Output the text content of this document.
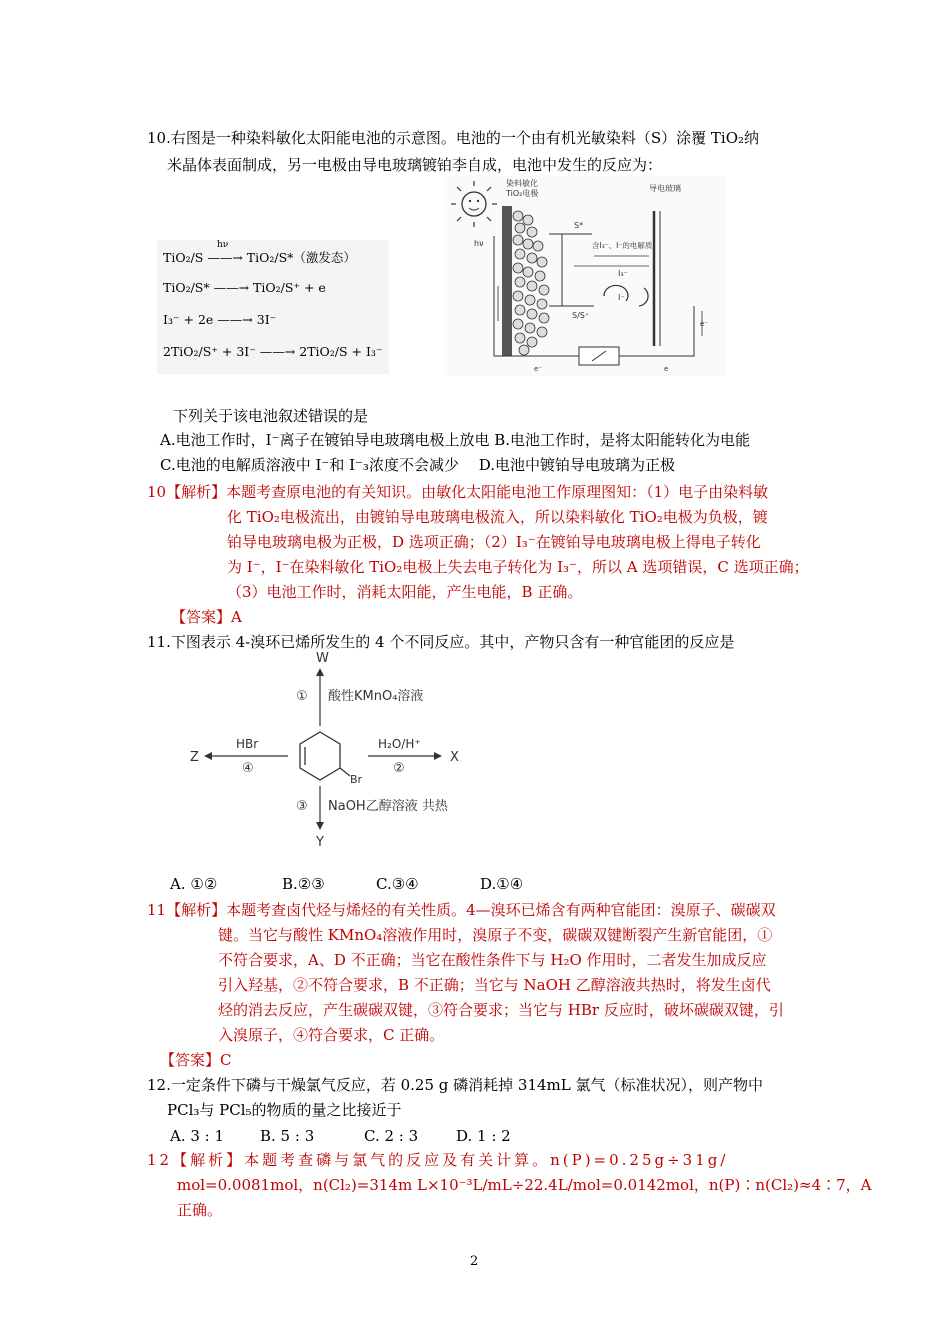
10.右图是一种染料敏化太阳能电池的示意图。电池的一个由有机光敏染料（S）涂覆 TiO₂纳
米晶体表面制成，另一电极由导电玻璃镀铂李自成，电池中发生的反应为：
TiO₂/S ——→ TiO₂/S*（激发态）
hν
TiO₂/S* ——→ TiO₂/S⁺ + e
I₃⁻ + 2e ——→ 3I⁻
2TiO₂/S⁺ + 3I⁻ ——→ 2TiO₂/S + I₃⁻
hν
染料敏化
TiO₂电极
导电玻璃
S*
S/S⁺
含I₃⁻、I⁻的电解质
I₃⁻
I⁻
e⁻	e
e⁻
下列关于该电池叙述错误的是
A.电池工作时，I⁻离子在镀铂导电玻璃电极上放电 B.电池工作时，是将太阳能转化为电能
C.电池的电解质溶液中 I⁻和 I⁻₃浓度不会减少　 D.电池中镀铂导电玻璃为正极
10【解析】本题考查原电池的有关知识。由敏化太阳能电池工作原理图知：（1）电子由染料敏
化 TiO₂电极流出，由镀铂导电玻璃电极流入，所以染料敏化 TiO₂电极为负极，镀
铂导电玻璃电极为正极，D 选项正确；（2）I₃⁻在镀铂导电玻璃电极上得电子转化
为 I⁻，I⁻在染料敏化 TiO₂电极上失去电子转化为 I₃⁻，所以 A 选项错误，C 选项正确；
（3）电池工作时，消耗太阳能，产生电能，B 正确。
【答案】A
11.下图表示 4-溴环已烯所发生的 4 个不同反应。其中，产物只含有一种官能团的反应是
W
① 酸性KMnO₄溶液
Br
H₂O/H⁺
②
X
HBr
④
Z
③ NaOH乙醇溶液 共热
Y
A. ①②	B.②③	C.③④	D.①④
11【解析】本题考查卤代烃与烯烃的有关性质。4—溴环已烯含有两种官能团：溴原子、碳碳双
键。当它与酸性 KMnO₄溶液作用时，溴原子不变，碳碳双键断裂产生新官能团，①
不符合要求，A、D 不正确；当它在酸性条件下与 H₂O 作用时，二者发生加成反应
引入羟基，②不符合要求，B 不正确；当它与 NaOH 乙醇溶液共热时，将发生卤代
烃的消去反应，产生碳碳双键，③符合要求；当它与 HBr 反应时，破坏碳碳双键，引
入溴原子，④符合要求，C 正确。
【答案】C
12.一定条件下磷与干燥氯气反应，若 0.25 g 磷消耗掉 314mL 氯气（标准状况），则产物中
PCl₃与 PCl₅的物质的量之比接近于
A. 3 : 1 B. 5 : 3	C. 2 : 3	D. 1 : 2
12【解析】本题考查磷与氯气的反应及有关计算。n(P)=0.25g÷31g/
mol=0.0081mol，n(Cl₂)=314m L×10⁻³L/mL÷22.4L/mol=0.0142mol，n(P)∶n(Cl₂)≈4∶7，A
正确。
2
